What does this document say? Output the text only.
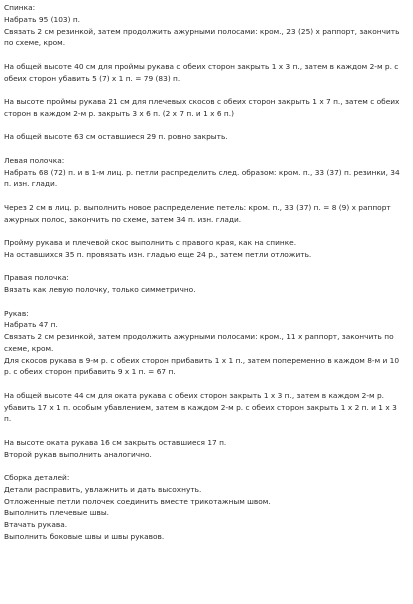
Спинка:
Набрать 95 (103) п.
Связать 2 см резинкой, затем продолжить ажурными полосами: кром., 23 (25) х раппорт, закончить
по схеме, кром.
На общей высоте 40 см для проймы рукава с обеих сторон закрыть 1 х 3 п., затем в каждом 2-м р. с
обеих сторон убавить 5 (7) х 1 п. = 79 (83) п.
На высоте проймы рукава 21 см для плечевых скосов с обеих сторон закрыть 1 х 7 п., затем с обеих
сторон в каждом 2-м р. закрыть 3 х 6 п. (2 х 7 п. и 1 х 6 п.)
На общей высоте 63 см оставшиеся 29 п. ровно закрыть.
Левая полочка:
Набрать 68 (72) п. и в 1-м лиц. р. петли распределить след. образом: кром. п., 33 (37) п. резинки, 34
п. изн. глади.
Через 2 см в лиц. р. выполнить новое распределение петель: кром. п., 33 (37) п. = 8 (9) х раппорт
ажурных полос, закончить по схеме, затем 34 п. изн. глади.
Пройму рукава и плечевой скос выполнить с правого края, как на спинке.
На оставшихся 35 п. провязать изн. гладью еще 24 р., затем петли отложить.
Правая полочка:
Вязать как левую полочку, только симметрично.
Рукав:
Набрать 47 п.
Связать 2 см резинкой, затем продолжить ажурными полосами: кром., 11 х раппорт, закончить по
схеме, кром.
Для скосов рукава в 9-м р. с обеих сторон прибавить 1 х 1 п., затем попеременно в каждом 8-м и 10
р. с обеих сторон прибавить 9 х 1 п. = 67 п.
На общей высоте 44 см для оката рукава с обеих сторон закрыть 1 х 3 п., затем в каждом 2-м р.
убавить 17 х 1 п. особым убавлением, затем в каждом 2-м р. с обеих сторон закрыть 1 х 2 п. и 1 х 3
п.
На высоте оката рукава 16 см закрыть оставшиеся 17 п.
Второй рукав выполнить аналогично.
Сборка деталей:
Детали расправить, увлажнить и дать высохнуть.
Отложенные петли полочек соединить вместе трикотажным швом.
Выполнить плечевые швы.
Втачать рукава.
Выполнить боковые швы и швы рукавов.
